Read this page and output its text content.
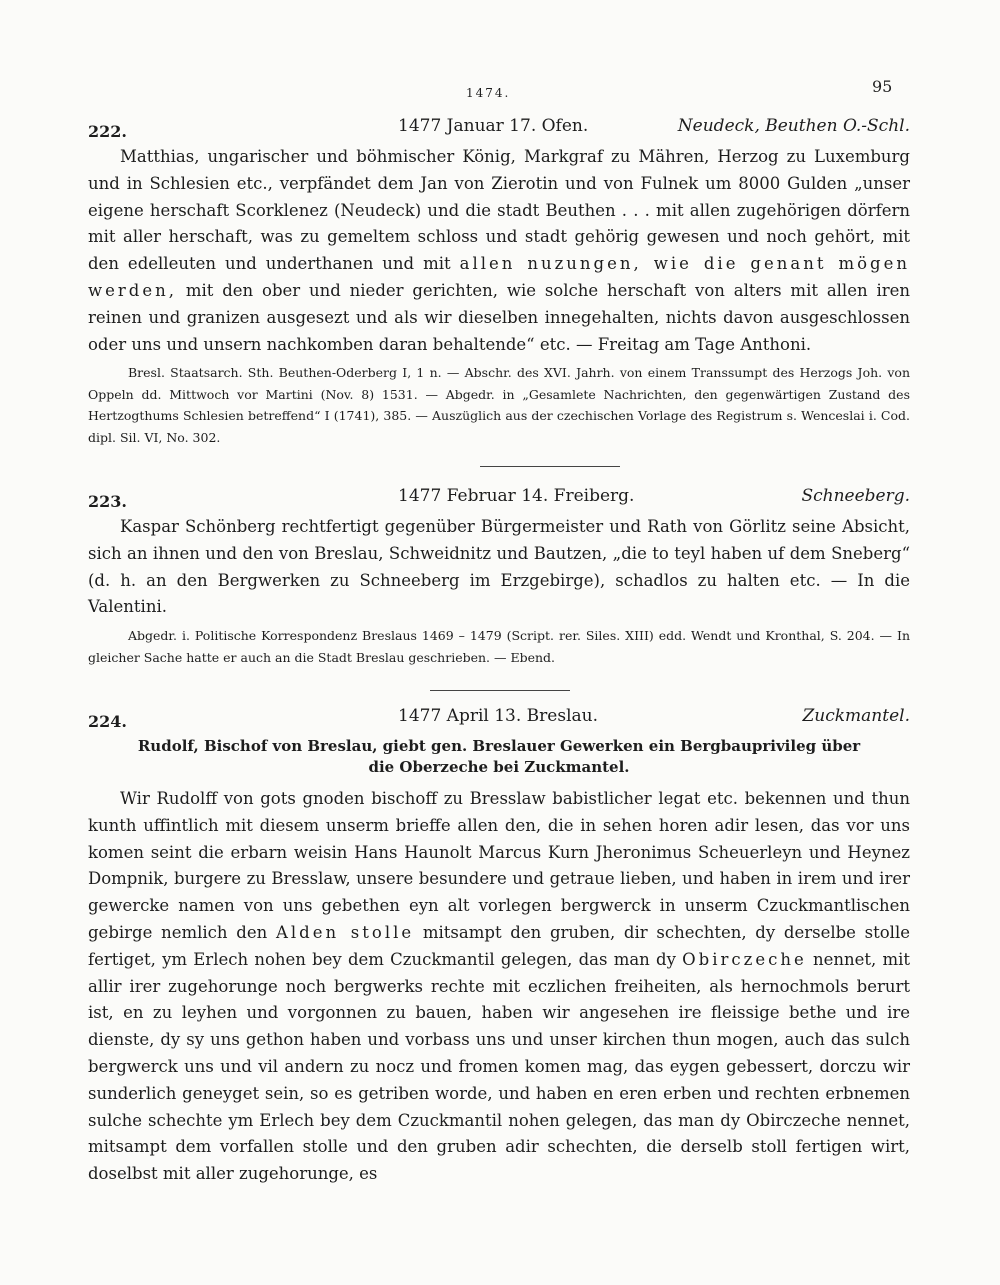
1474.	95
222.	1477 Januar 17. Ofen.	Neudeck, Beuthen O.-Schl.

Matthias, ungarischer und böhmischer König, Markgraf zu Mähren, Herzog zu Luxemburg und in Schlesien etc., verpfändet dem Jan von Zierotin und von Fulnek um 8000 Gulden „unser eigene herschaft Scorklenez (Neudeck) und die stadt Beuthen . . . mit allen zugehörigen dörfern mit aller herschaft, was zu gemeltem schloss und stadt gehörig gewesen und noch gehört, mit den edelleuten und underthanen und mit allen nuzungen, wie die genant mögen werden, mit den ober und nieder gerichten, wie solche herschaft von alters mit allen iren reinen und granizen ausgesezt und als wir dieselben innegehalten, nichts davon ausgeschlossen oder uns und unsern nachkomben daran behaltende“ etc. — Freitag am Tage Anthoni.

Bresl. Staatsarch. Sth. Beuthen-Oderberg I, 1 n. — Abschr. des XVI. Jahrh. von einem Transsumpt des Herzogs Joh. von Oppeln dd. Mittwoch vor Martini (Nov. 8) 1531. — Abgedr. in „Gesamlete Nachrichten, den gegenwärtigen Zustand des Hertzogthums Schlesien betreffend“ I (1741), 385. — Auszüglich aus der czechischen Vorlage des Registrum s. Wenceslai i. Cod. dipl. Sil. VI, No. 302.

223.	1477 Februar 14. Freiberg.	Schneeberg.

Kaspar Schönberg rechtfertigt gegenüber Bürgermeister und Rath von Görlitz seine Absicht, sich an ihnen und den von Breslau, Schweidnitz und Bautzen, „die to teyl haben uf dem Sneberg“ (d. h. an den Bergwerken zu Schneeberg im Erzgebirge), schadlos zu halten etc. — In die Valentini.

Abgedr. i. Politische Korrespondenz Breslaus 1469 – 1479 (Script. rer. Siles. XIII) edd. Wendt und Kronthal, S. 204. — In gleicher Sache hatte er auch an die Stadt Breslau geschrieben. — Ebend.

224.	1477 April 13. Breslau.	Zuckmantel.
Rudolf, Bischof von Breslau, giebt gen. Breslauer Gewerken ein Bergbauprivileg über
die Oberzeche bei Zuckmantel.

Wir Rudolff von gots gnoden bischoff zu Bresslaw babistlicher legat etc. bekennen und thun kunth uffintlich mit diesem unserm brieffe allen den, die in sehen horen adir lesen, das vor uns komen seint die erbarn weisin Hans Haunolt Marcus Kurn Jheronimus Scheuerleyn und Heynez Dompnik, burgere zu Bresslaw, unsere besundere und getraue lieben, und haben in irem und irer gewercke namen von uns gebethen eyn alt vorlegen bergwerck in unserm Czuckmantlischen gebirge nemlich den Alden stolle mitsampt den gruben, dir schechten, dy derselbe stolle fertiget, ym Erlech nohen bey dem Czuckmantil gelegen, das man dy Obirczeche nennet, mit allir irer zugehorunge noch bergwerks rechte mit eczlichen freiheiten, als hernochmols berurt ist, en zu leyhen und vorgonnen zu bauen, haben wir angesehen ire fleissige bethe und ire dienste, dy sy uns gethon haben und vorbass uns und unser kirchen thun mogen, auch das sulch bergwerck uns und vil andern zu nocz und fromen komen mag, das eygen gebessert, dorczu wir sunderlich geneyget sein, so es getriben worde, und haben en eren erben und rechten erbnemen sulche schechte ym Erlech bey dem Czuckmantil nohen gelegen, das man dy Obirczeche nennet, mitsampt dem vorfallen stolle und den gruben adir schechten, die derselb stoll fertigen wirt, doselbst mit aller zugehorunge, es
